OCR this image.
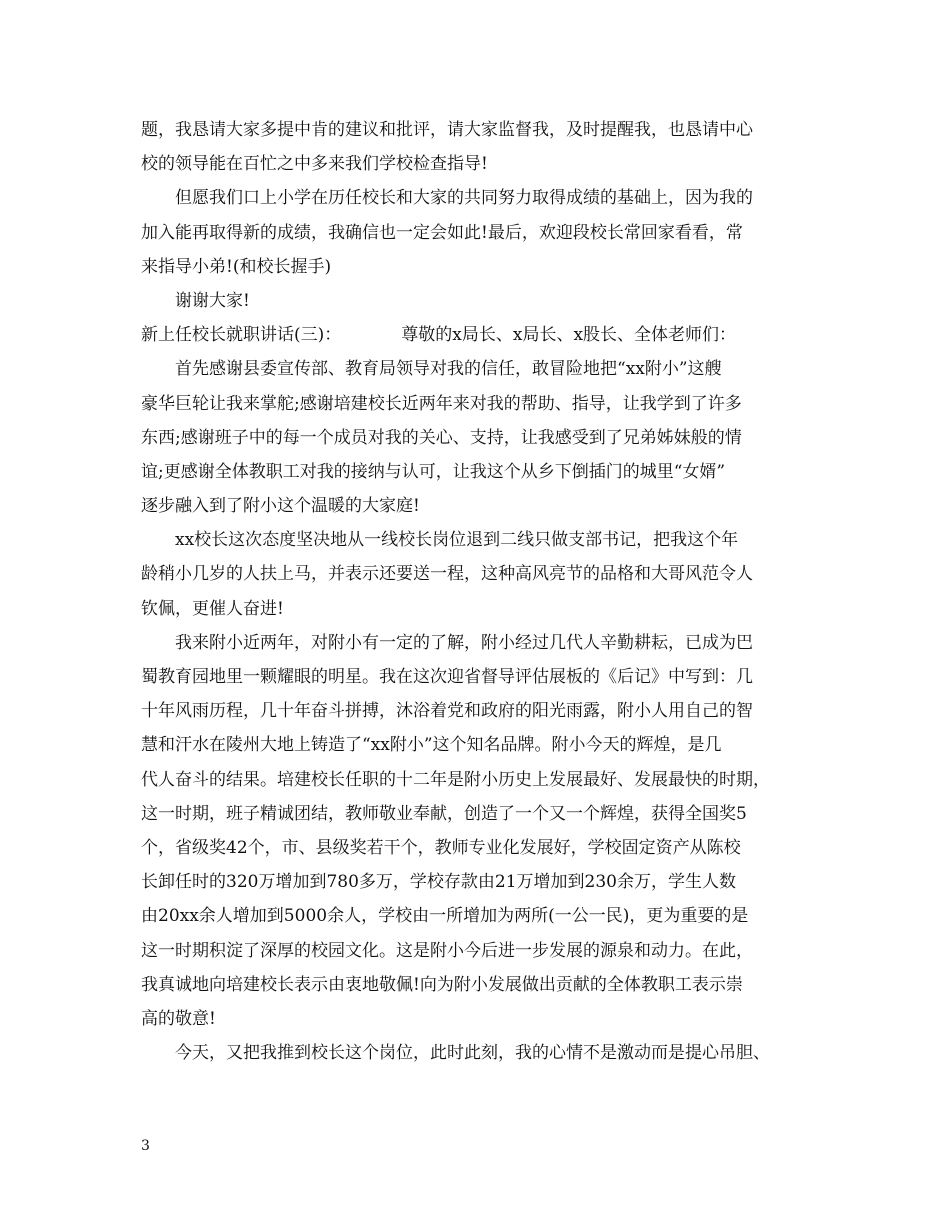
题，我恳请大家多提中肯的建议和批评，请大家监督我，及时提醒我，也恳请中心
校的领导能在百忙之中多来我们学校检查指导!
但愿我们口上小学在历任校长和大家的共同努力取得成绩的基础上，因为我的
加入能再取得新的成绩，我确信也一定会如此!最后，欢迎段校长常回家看看，常
来指导小弟!(和校长握手)
谢谢大家!
新上任校长就职讲话(三)：	尊敬的x局长、x局长、x股长、全体老师们：
首先感谢县委宣传部、教育局领导对我的信任，敢冒险地把“xx附小”这艘
豪华巨轮让我来掌舵;感谢培建校长近两年来对我的帮助、指导，让我学到了许多
东西;感谢班子中的每一个成员对我的关心、支持，让我感受到了兄弟姊妹般的情
谊;更感谢全体教职工对我的接纳与认可，让我这个从乡下倒插门的城里“女婿”
逐步融入到了附小这个温暖的大家庭!
xx校长这次态度坚决地从一线校长岗位退到二线只做支部书记，把我这个年
龄稍小几岁的人扶上马，并表示还要送一程，这种高风亮节的品格和大哥风范令人
钦佩，更催人奋进!
我来附小近两年，对附小有一定的了解，附小经过几代人辛勤耕耘，已成为巴
蜀教育园地里一颗耀眼的明星。我在这次迎省督导评估展板的《后记》中写到：几
十年风雨历程，几十年奋斗拼搏，沐浴着党和政府的阳光雨露，附小人用自己的智
慧和汗水在陵州大地上铸造了“xx附小”这个知名品牌。附小今天的辉煌，是几
代人奋斗的结果。培建校长任职的十二年是附小历史上发展最好、发展最快的时期，
这一时期，班子精诚团结，教师敬业奉献，创造了一个又一个辉煌，获得全国奖5
个，省级奖42个，市、县级奖若干个，教师专业化发展好，学校固定资产从陈校
长卸任时的320万增加到780多万，学校存款由21万增加到230余万，学生人数
由20xx余人增加到5000余人，学校由一所增加为两所(一公一民)，更为重要的是
这一时期积淀了深厚的校园文化。这是附小今后进一步发展的源泉和动力。在此，
我真诚地向培建校长表示由衷地敬佩!向为附小发展做出贡献的全体教职工表示崇
高的敬意!
今天，又把我推到校长这个岗位，此时此刻，我的心情不是激动而是提心吊胆、
3
